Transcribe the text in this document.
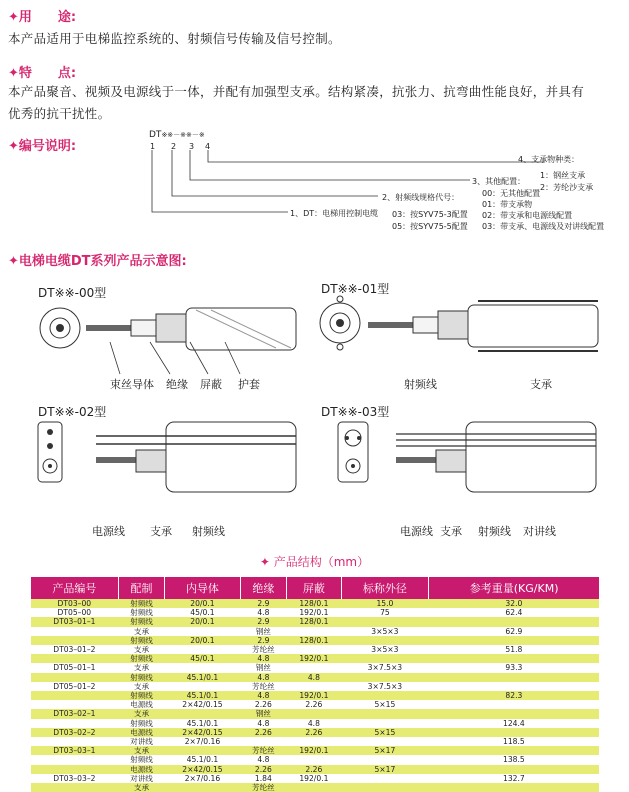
✦用　　途:
本产品适用于电梯监控系统的、射频信号传输及信号控制。
✦特　　点:
本产品聚音、视频及电源线于一体，并配有加强型支承。结构紧凑，抗张力、抗弯曲性能良好，并具有
优秀的抗干扰性。
✦编号说明:
DT※※－※※－※
1 2 3 4
4、支承物种类：
1：钢丝支承
2：芳纶沙支承
3、其他配置：
00：无其他配置
01：带支承物
02：带支承和电源线配置
03：带支承、电源线及对讲线配置
2、射频线规格代号：
03：按SYV75-3配置
05：按SYV75-5配置
1、DT：电梯用控制电缆
✦电梯电缆DT系列产品示意图:
DT※※-00型
束丝导体 绝缘 屏蔽 护套
DT※※-01型
射频线	支承
DT※※-02型
电源线 支承 射频线
DT※※-03型
电源线 支承 射频线 对讲线
✦ 产品结构（mm）
产品编号	配制	内导体	绝缘	屏蔽	标称外径	参考重量(KG/KM)
DT03–00	射频线	20/0.1	2.9	128/0.1	15.0	32.0
DT05–00	射频线	45/0.1	4.8	192/0.1	75	62.4
DT03–01–1	射频线	20/0.1	2.9	128/0.1		
	支承		钢丝		3×5×3	62.9
	射频线	20/0.1	2.9	128/0.1		
DT03–01–2	支承		芳纶丝		3×5×3	51.8
	射频线	45/0.1	4.8	192/0.1		
DT05–01–1	支承		钢丝		3×7.5×3	93.3
	射频线	45.1/0.1	4.8	4.8		
DT05–01–2	支承		芳纶丝		3×7.5×3	
	射频线	45.1/0.1	4.8	192/0.1		82.3
	电源线	2×42/0.15	2.26	2.26	5×15	
DT03–02–1	支承		钢丝			
	射频线	45.1/0.1	4.8	4.8		124.4
DT03–02–2	电源线	2×42/0.15	2.26	2.26	5×15	
	对讲线	2×7/0.16				118.5
DT03–03–1	支承		芳纶丝	192/0.1	5×17	
	射频线	45.1/0.1	4.8			138.5
	电源线	2×42/0.15	2.26	2.26	5×17	
DT03–03–2	对讲线	2×7/0.16	1.84	192/0.1		132.7
	支承		芳纶丝			
